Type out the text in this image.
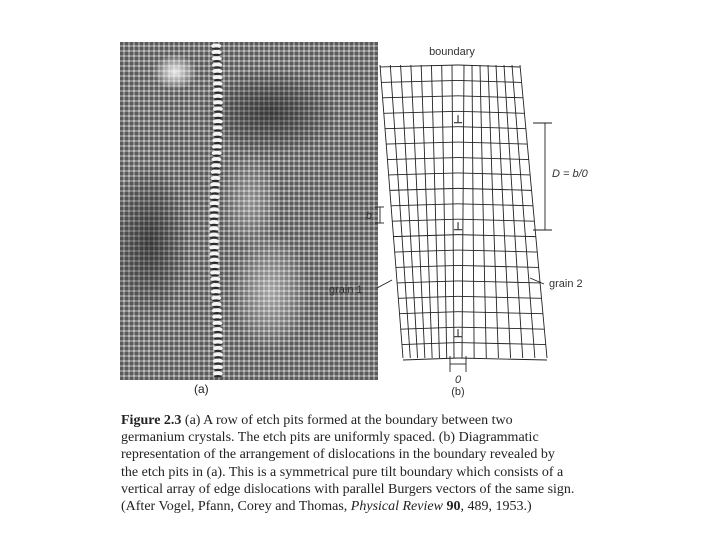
(a)
⊥
⊥
⊥
boundary
D = b/0
b
grain 1	grain 2
0
(b)
Figure 2.3 (a) A row of etch pits formed at the boundary between two
germanium crystals. The etch pits are uniformly spaced. (b) Diagrammatic
representation of the arrangement of dislocations in the boundary revealed by
the etch pits in (a). This is a symmetrical pure tilt boundary which consists of a
vertical array of edge dislocations with parallel Burgers vectors of the same sign.
(After Vogel, Pfann, Corey and Thomas, Physical Review 90, 489, 1953.)
